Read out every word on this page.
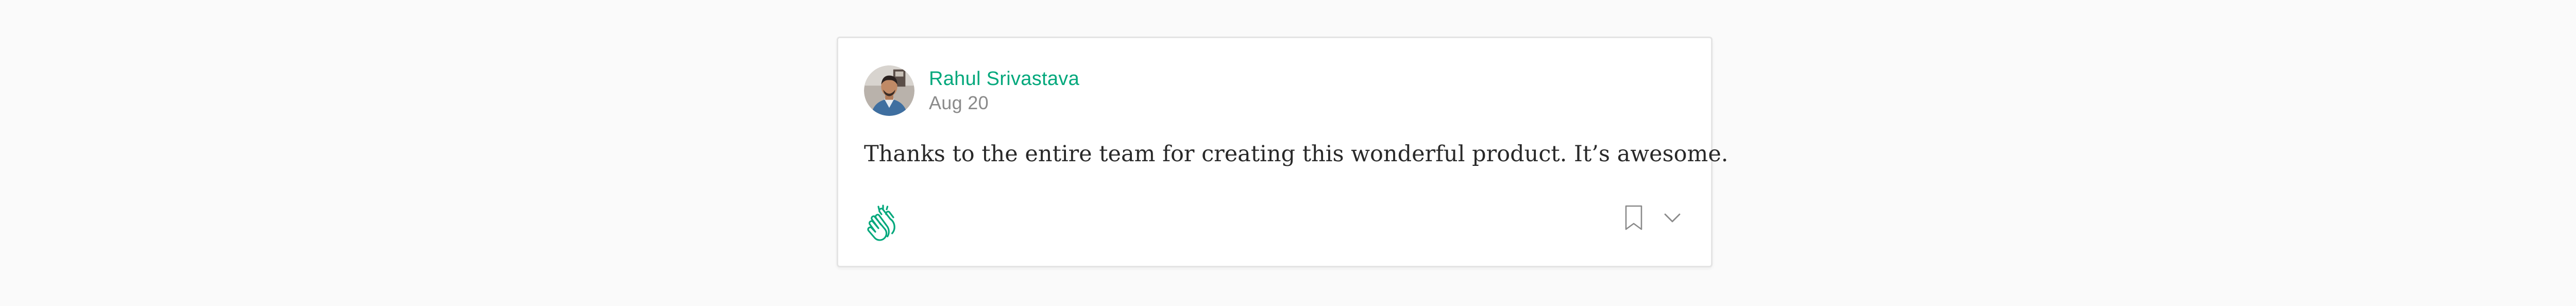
Rahul Srivastava
Aug 20

Thanks to the entire team for creating this wonderful product. It’s awesome.
